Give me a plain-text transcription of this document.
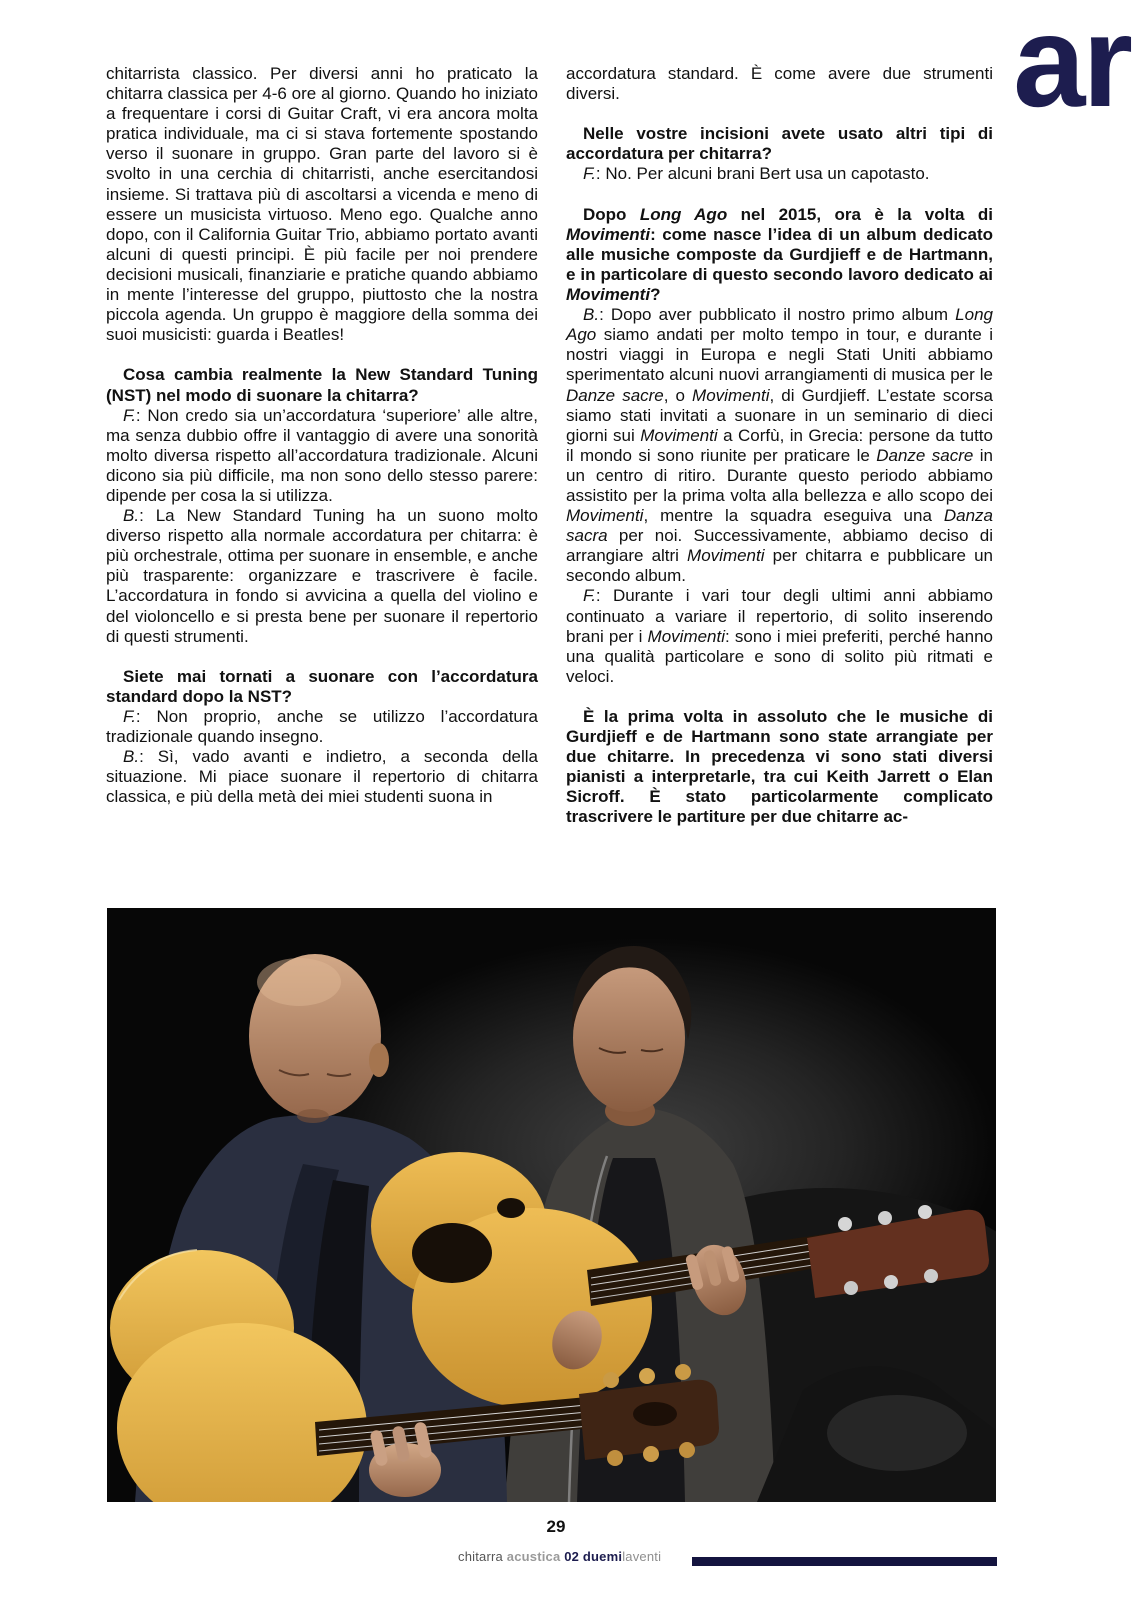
ar

chitarrista classico. Per diversi anni ho praticato la chitarra classica per 4-6 ore al giorno. Quando ho iniziato a frequentare i corsi di Guitar Craft, vi era ancora molta pratica individuale, ma ci si stava fortemente spostando verso il suonare in gruppo. Gran parte del lavoro si è svolto in una cerchia di chitarristi, anche esercitandosi insieme. Si trattava più di ascoltarsi a vicenda e meno di essere un musicista virtuoso. Meno ego. Qualche anno dopo, con il California Guitar Trio, abbiamo portato avanti alcuni di questi principi. È più facile per noi prendere decisioni musicali, finanziarie e pratiche quando abbiamo in mente l’interesse del gruppo, piuttosto che la nostra piccola agenda. Un gruppo è maggiore della somma dei suoi musicisti: guarda i Beatles!

Cosa cambia realmente la New Standard Tuning (NST) nel modo di suonare la chitarra?

F.: Non credo sia un’accordatura ‘superiore’ alle altre, ma senza dubbio offre il vantaggio di avere una sonorità molto diversa rispetto all’accordatura tradizionale. Alcuni dicono sia più difficile, ma non sono dello stesso parere: dipende per cosa la si utilizza.

B.: La New Standard Tuning ha un suono molto diverso rispetto alla normale accordatura per chitarra: è più orchestrale, ottima per suonare in ensemble, e anche più trasparente: organizzare e trascrivere è facile. L’accordatura in fondo si avvicina a quella del violino e del violoncello e si presta bene per suonare il repertorio di questi strumenti.

Siete mai tornati a suonare con l’accordatura standard dopo la NST?

F.: Non proprio, anche se utilizzo l’accordatura tradizionale quando insegno.

B.: Sì, vado avanti e indietro, a seconda della situazione. Mi piace suonare il repertorio di chitarra classica, e più della metà dei miei studenti suona in

accordatura standard. È come avere due strumenti diversi.

Nelle vostre incisioni avete usato altri tipi di accordatura per chitarra?

F.: No. Per alcuni brani Bert usa un capotasto.

Dopo Long Ago nel 2015, ora è la volta di Movimenti: come nasce l’idea di un album dedicato alle musiche composte da Gurdjieff e de Hartmann, e in particolare di questo secondo lavoro dedicato ai Movimenti?

B.: Dopo aver pubblicato il nostro primo album Long Ago siamo andati per molto tempo in tour, e durante i nostri viaggi in Europa e negli Stati Uniti abbiamo sperimentato alcuni nuovi arrangiamenti di musica per le Danze sacre, o Movimenti, di Gurdjieff. L’estate scorsa siamo stati invitati a suonare in un seminario di dieci giorni sui Movimenti a Corfù, in Grecia: persone da tutto il mondo si sono riunite per praticare le Danze sacre in un centro di ritiro. Durante questo periodo abbiamo assistito per la prima volta alla bellezza e allo scopo dei Movimenti, mentre la squadra eseguiva una Danza sacra per noi. Successivamente, abbiamo deciso di arrangiare altri Movimenti per chitarra e pubblicare un secondo album.

F.: Durante i vari tour degli ultimi anni abbiamo continuato a variare il repertorio, di solito inserendo brani per i Movimenti: sono i miei preferiti, perché hanno una qualità particolare e sono di solito più ritmati e veloci.

È la prima volta in assoluto che le musiche di Gurdjieff e de Hartmann sono state arrangiate per due chitarre. In precedenza vi sono stati diversi pianisti a interpretarle, tra cui Keith Jarrett o Elan Sicroff. È stato particolarmente complicato trascrivere le partiture per due chitarre ac-

29
chitarra acustica 02 duemilaventi
